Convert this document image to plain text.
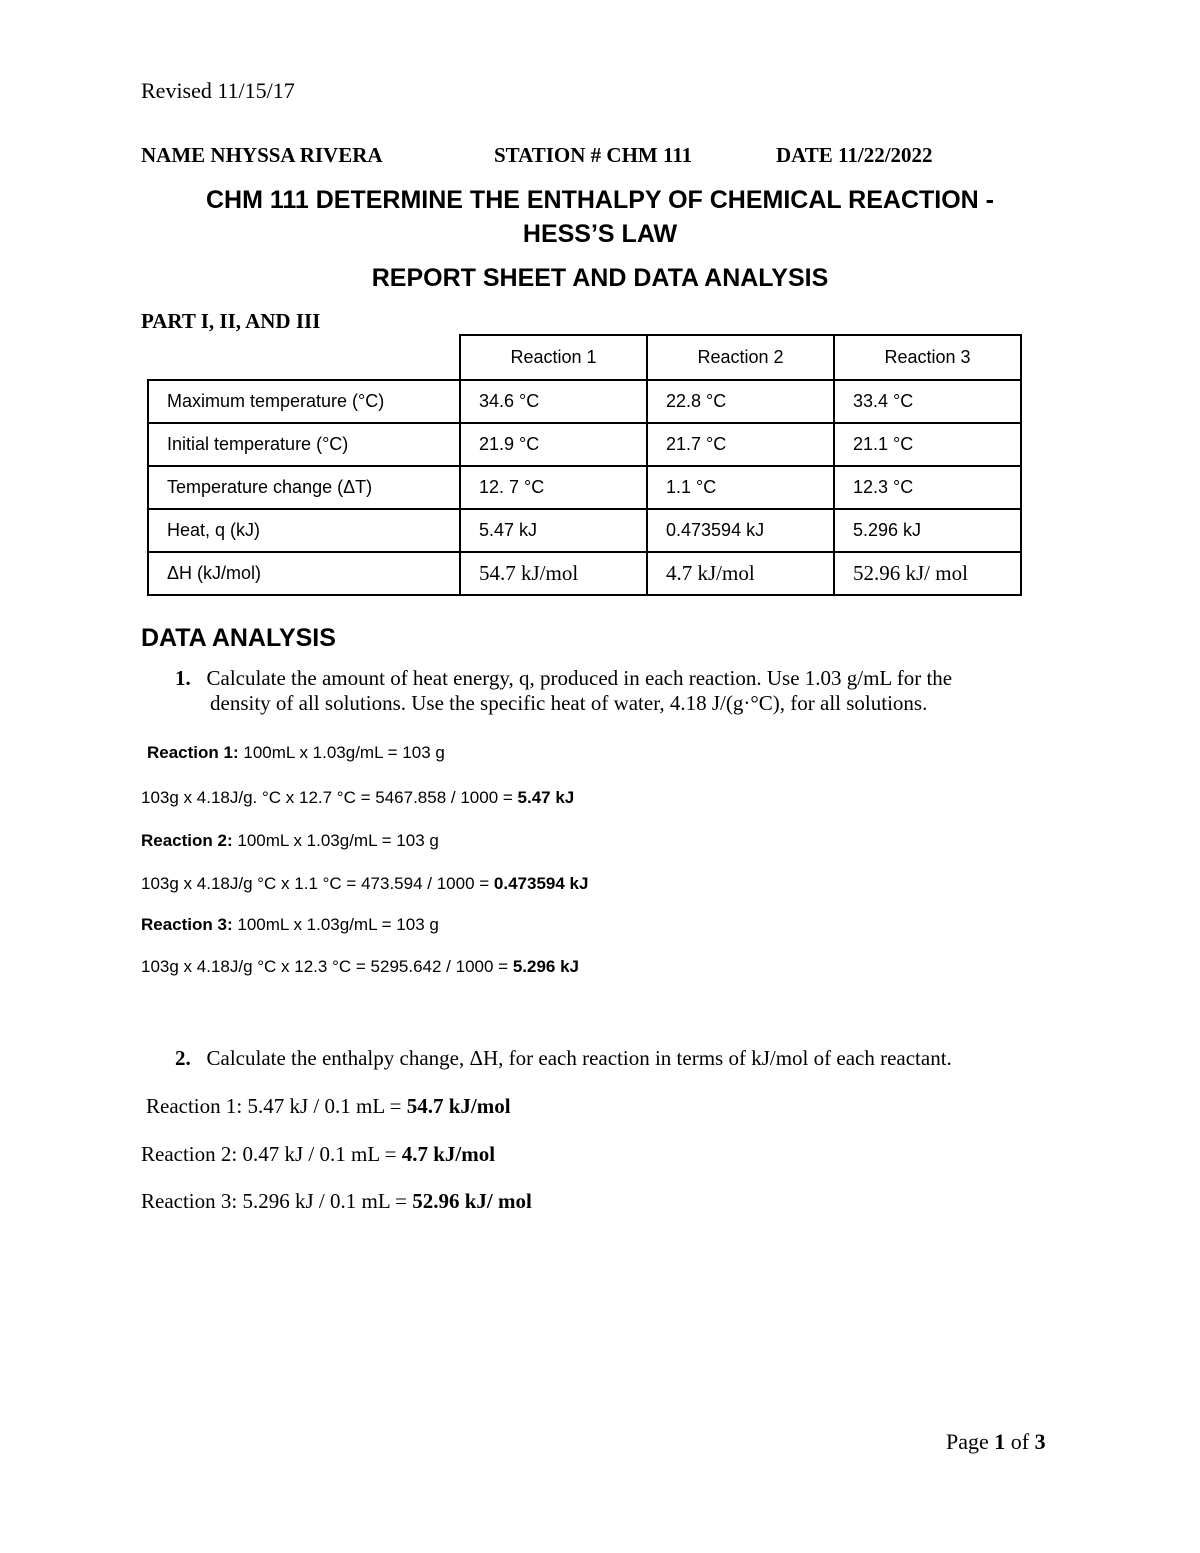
Revised 11/15/17
NAME NHYSSA RIVERA	STATION # CHM 111	DATE 11/22/2022
CHM 111 DETERMINE THE ENTHALPY OF CHEMICAL REACTION -
HESS’S LAW
REPORT SHEET AND DATA ANALYSIS
PART I, II, AND III
	Reaction 1	Reaction 2	Reaction 3
Maximum temperature (°C)	34.6 °C	22.8 °C	33.4 °C
Initial temperature (°C)	21.9 °C	21.7 °C	21.1 °C
Temperature change (ΔT)	12. 7 °C	1.1 °C	12.3 °C
Heat, q (kJ)	5.47 kJ	0.473594 kJ	5.296 kJ
ΔH (kJ/mol)	54.7 kJ/mol	4.7 kJ/mol	52.96 kJ/ mol
DATA ANALYSIS
1. Calculate the amount of heat energy, q, produced in each reaction. Use 1.03 g/mL for the
density of all solutions. Use the specific heat of water, 4.18 J/(g·°C), for all solutions.
Reaction 1: 100mL x 1.03g/mL = 103 g
103g x 4.18J/g. °C x 12.7 °C = 5467.858 / 1000 = 5.47 kJ
Reaction 2: 100mL x 1.03g/mL = 103 g
103g x 4.18J/g °C x 1.1 °C = 473.594 / 1000 = 0.473594 kJ
Reaction 3: 100mL x 1.03g/mL = 103 g
103g x 4.18J/g °C x 12.3 °C = 5295.642 / 1000 = 5.296 kJ
2. Calculate the enthalpy change, ΔH, for each reaction in terms of kJ/mol of each reactant.
Reaction 1: 5.47 kJ / 0.1 mL = 54.7 kJ/mol
Reaction 2: 0.47 kJ / 0.1 mL = 4.7 kJ/mol
Reaction 3: 5.296 kJ / 0.1 mL = 52.96 kJ/ mol
Page 1 of 3
